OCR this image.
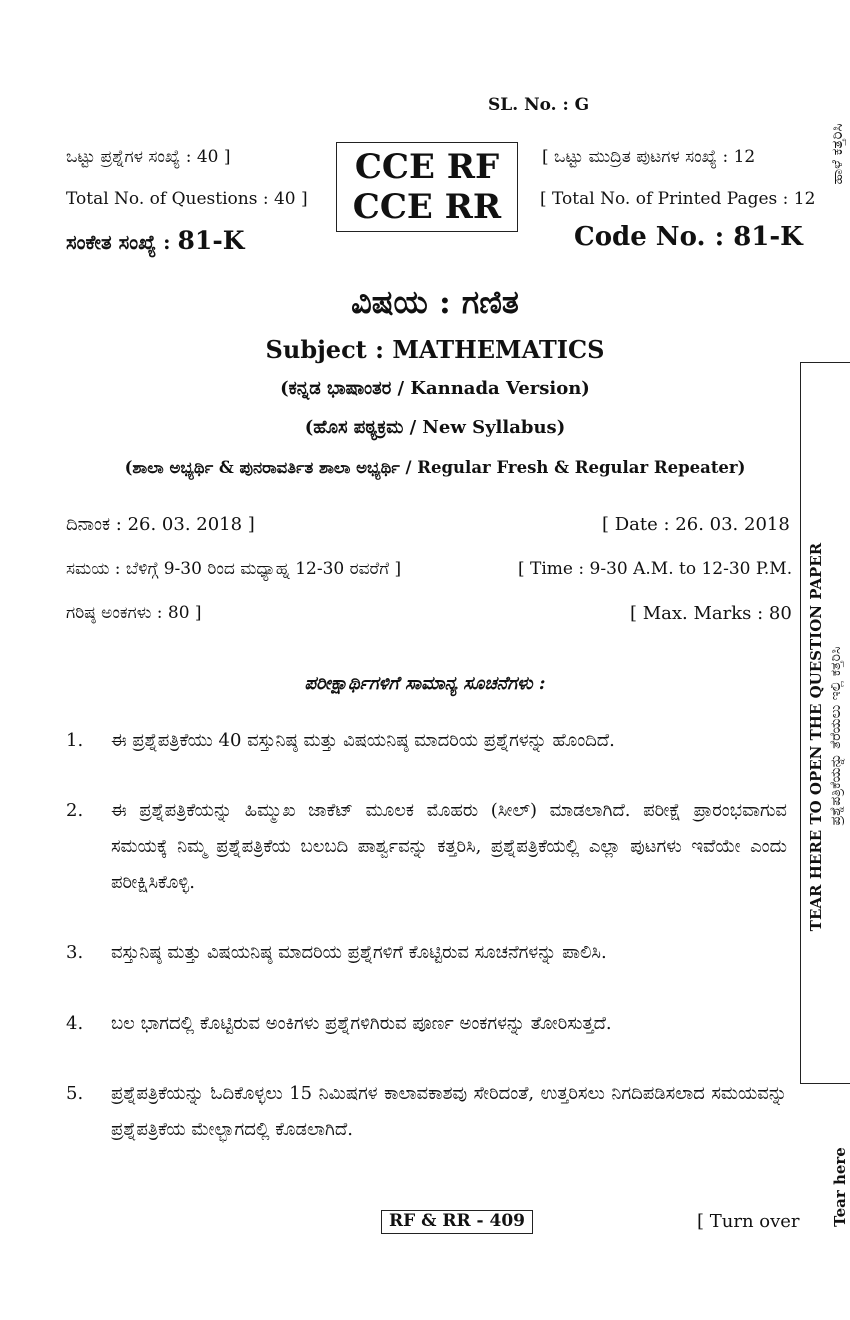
SL. No. : G
ಒಟ್ಟು ಪ್ರಶ್ನೆಗಳ ಸಂಖ್ಯೆ : 40 ]
Total No. of Questions : 40 ]
ಸಂಕೇತ ಸಂಖ್ಯೆ : 81-K
CCE RF
CCE RR
[ ಒಟ್ಟು ಮುದ್ರಿತ ಪುಟಗಳ ಸಂಖ್ಯೆ : 12
[ Total No. of Printed Pages : 12
Code No. : 81-K
ಹಾಳೆ ಕತ್ತರಿಸಿ
ವಿಷಯ : ಗಣಿತ
Subject : MATHEMATICS
(ಕನ್ನಡ ಭಾಷಾಂತರ / Kannada Version)
(ಹೊಸ ಪಠ್ಯಕ್ರಮ / New Syllabus)
(ಶಾಲಾ ಅಭ್ಯರ್ಥಿ & ಪುನರಾವರ್ತಿತ ಶಾಲಾ ಅಭ್ಯರ್ಥಿ / Regular Fresh & Regular Repeater)
ದಿನಾಂಕ : 26. 03. 2018 ]	[ Date : 26. 03. 2018
ಸಮಯ : ಬೆಳಿಗ್ಗೆ 9-30 ರಿಂದ ಮಧ್ಯಾಹ್ನ 12-30 ರವರೆಗೆ ]	[ Time : 9-30 A.M. to 12-30 P.M.
ಗರಿಷ್ಠ ಅಂಕಗಳು : 80 ]	[ Max. Marks : 80
ಪರೀಕ್ಷಾರ್ಥಿಗಳಿಗೆ ಸಾಮಾನ್ಯ ಸೂಚನೆಗಳು :
1. ಈ ಪ್ರಶ್ನೆಪತ್ರಿಕೆಯು 40 ವಸ್ತುನಿಷ್ಠ ಮತ್ತು ವಿಷಯನಿಷ್ಠ ಮಾದರಿಯ ಪ್ರಶ್ನೆಗಳನ್ನು ಹೊಂದಿದೆ.
2. ಈ ಪ್ರಶ್ನೆಪತ್ರಿಕೆಯನ್ನು ಹಿಮ್ಮುಖ ಜಾಕೆಟ್ ಮೂಲಕ ಮೊಹರು (ಸೀಲ್) ಮಾಡಲಾಗಿದೆ. ಪರೀಕ್ಷೆ ಪ್ರಾರಂಭವಾಗುವ ಸಮಯಕ್ಕೆ ನಿಮ್ಮ ಪ್ರಶ್ನೆಪತ್ರಿಕೆಯ ಬಲಬದಿ ಪಾರ್ಶ್ವವನ್ನು ಕತ್ತರಿಸಿ, ಪ್ರಶ್ನೆಪತ್ರಿಕೆಯಲ್ಲಿ ಎಲ್ಲಾ ಪುಟಗಳು ಇವೆಯೇ ಎಂದು ಪರೀಕ್ಷಿಸಿಕೊಳ್ಳಿ.
3. ವಸ್ತುನಿಷ್ಠ ಮತ್ತು ವಿಷಯನಿಷ್ಠ ಮಾದರಿಯ ಪ್ರಶ್ನೆಗಳಿಗೆ ಕೊಟ್ಟಿರುವ ಸೂಚನೆಗಳನ್ನು ಪಾಲಿಸಿ.
4. ಬಲ ಭಾಗದಲ್ಲಿ ಕೊಟ್ಟಿರುವ ಅಂಕಿಗಳು ಪ್ರಶ್ನೆಗಳಿಗಿರುವ ಪೂರ್ಣ ಅಂಕಗಳನ್ನು ತೋರಿಸುತ್ತದೆ.
5. ಪ್ರಶ್ನೆಪತ್ರಿಕೆಯನ್ನು ಓದಿಕೊಳ್ಳಲು 15 ನಿಮಿಷಗಳ ಕಾಲಾವಕಾಶವು ಸೇರಿದಂತೆ, ಉತ್ತರಿಸಲು ನಿಗದಿಪಡಿಸಲಾದ ಸಮಯವನ್ನು ಪ್ರಶ್ನೆಪತ್ರಿಕೆಯ ಮೇಲ್ಭಾಗದಲ್ಲಿ ಕೊಡಲಾಗಿದೆ.
TEAR HERE TO OPEN THE QUESTION PAPER ಪ್ರಶ್ನೆಪತ್ರಿಕೆಯನ್ನು ತೆರೆಯಲು ಇಲ್ಲಿ ಕತ್ತರಿಸಿ
Tear here
RF & RR - 409	[ Turn over
